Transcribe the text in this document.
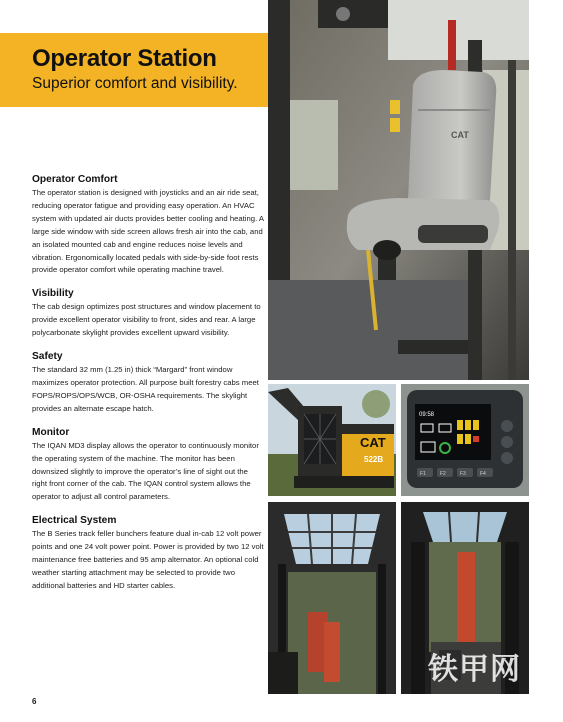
Operator Station
Superior comfort and visibility.
Operator Comfort

The operator station is designed with joysticks and an air ride seat, reducing operator fatigue and providing easy operation. An HVAC system with updated air ducts provides better cooling and heating. A large side window with side screen allows fresh air into the cab, and an isolated mounted cab and engine reduces noise levels and vibration. Ergonomically located pedals with side-by-side foot rests provide operator comfort while operating machine travel.

Visibility

The cab design optimizes post structures and window placement to provide excellent operator visibility to front, sides and rear. A large polycarbonate skylight provides excellent upward visibility.

Safety

The standard 32 mm (1.25 in) thick “Margard” front window maximizes operator protection. All purpose built forestry cabs meet FOPS/ROPS/OPS/WCB, OR-OSHA requirements. The skylight provides an alternate escape hatch.

Monitor

The IQAN MD3 display allows the operator to continuously monitor the operating system of the machine. The monitor has been downsized slightly to improve the operator’s line of sight out the right front corner of the cab. The IQAN control system allows the operator to adjust all control parameters.

Electrical System

The B Series track feller bunchers feature dual in-cab 12 volt power points and one 24 volt power point. Power is provided by two 12 volt maintenance free batteries and 95 amp alternator. An optional cold weather starting attachment may be selected to provide two additional batteries and HD starter cables.

6
CAT
CAT
522B
09:58
F1	F2	F3	F4
铁甲网
